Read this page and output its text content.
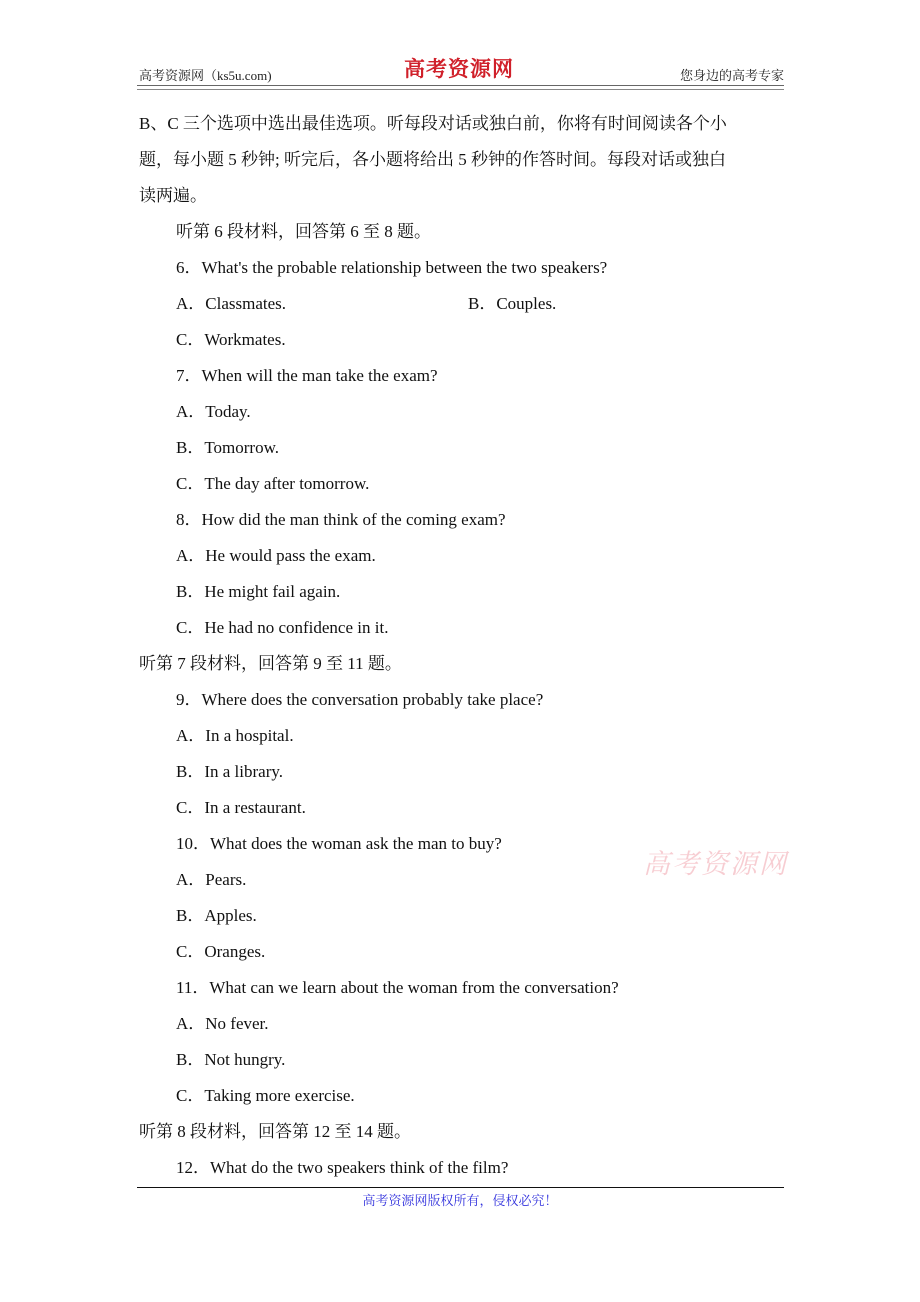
高考资源网（ks5u.com)	高考资源网	您身边的高考专家
B、C 三个选项中选出最佳选项。听每段对话或独白前，你将有时间阅读各个小
题，每小题 5 秒钟; 听完后，各小题将给出 5 秒钟的作答时间。每段对话或独白
读两遍。
听第 6 段材料，回答第 6 至 8 题。
6．What's the probable relationship between the two speakers?
A．Classmates.	B．Couples.
C．Workmates.
7．When will the man take the exam?
A．Today.
B．Tomorrow.
C．The day after tomorrow.
8．How did the man think of the coming exam?
A．He would pass the exam.
B．He might fail again.
C．He had no confidence in it.
听第 7 段材料，回答第 9 至 11 题。
9．Where does the conversation probably take place?
A．In a hospital.
B．In a library.
C．In a restaurant.
10．What does the woman ask the man to buy?
A．Pears.
B．Apples.
C．Oranges.
11．What can we learn about the woman from the conversation?
A．No fever.
B．Not hungry.
C．Taking more exercise.
听第 8 段材料，回答第 12 至 14 题。
12．What do the two speakers think of the film?
高考资源网
高考资源网版权所有，侵权必究！
